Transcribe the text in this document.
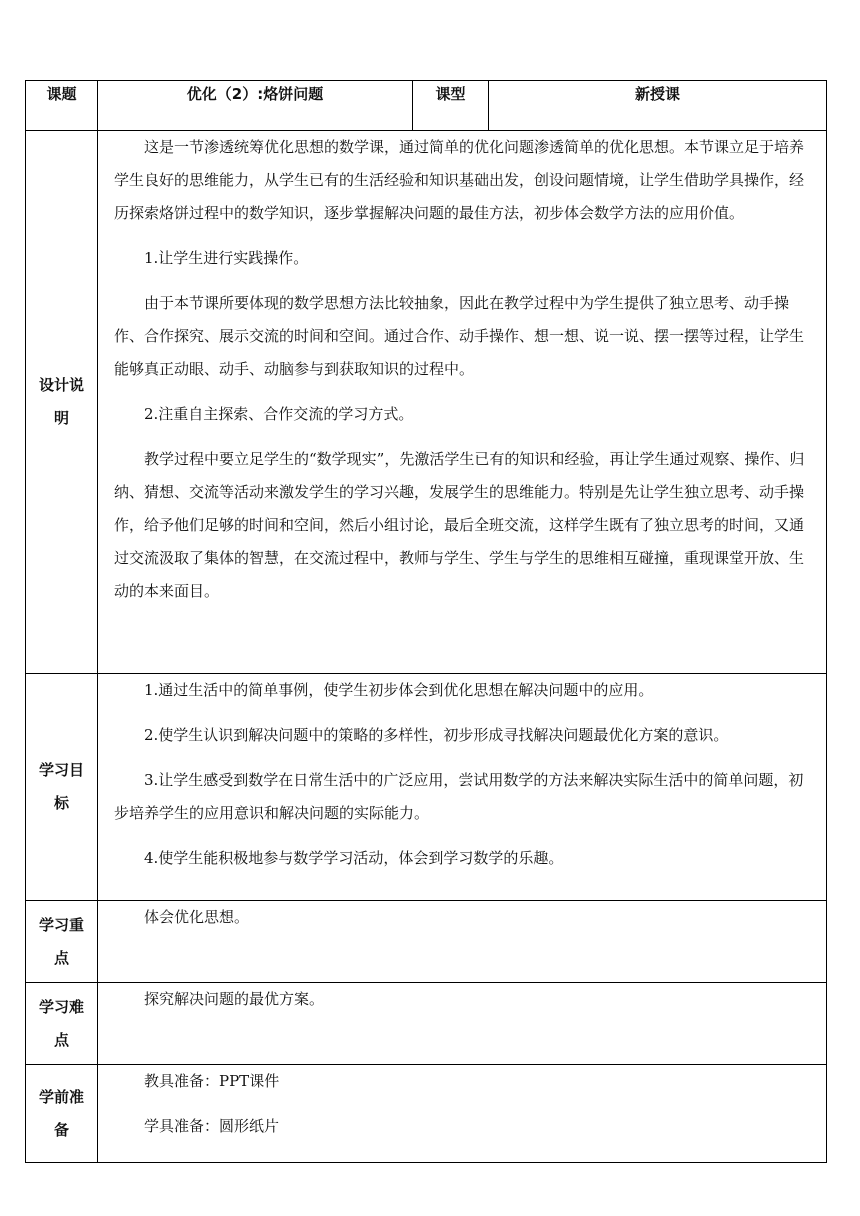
课题	优化（2）:烙饼问题	课型	新授课

设计说明	这是一节渗透统筹优化思想的数学课，通过简单的优化问题渗透简单的优化思想。本节课立足于培养学生良好的思维能力，从学生已有的生活经验和知识基础出发，创设问题情境，让学生借助学具操作，经历探索烙饼过程中的数学知识，逐步掌握解决问题的最佳方法，初步体会数学方法的应用价值。

1.让学生进行实践操作。

由于本节课所要体现的数学思想方法比较抽象，因此在教学过程中为学生提供了独立思考、动手操作、合作探究、展示交流的时间和空间。通过合作、动手操作、想一想、说一说、摆一摆等过程，让学生能够真正动眼、动手、动脑参与到获取知识的过程中。

2.注重自主探索、合作交流的学习方式。

教学过程中要立足学生的“数学现实”，先激活学生已有的知识和经验，再让学生通过观察、操作、归纳、猜想、交流等活动来激发学生的学习兴趣，发展学生的思维能力。特别是先让学生独立思考、动手操作，给予他们足够的时间和空间，然后小组讨论，最后全班交流，这样学生既有了独立思考的时间，又通过交流汲取了集体的智慧，在交流过程中，教师与学生、学生与学生的思维相互碰撞，重现课堂开放、生动的本来面目。		

学习目标	1.通过生活中的简单事例，使学生初步体会到优化思想在解决问题中的应用。

2.使学生认识到解决问题中的策略的多样性，初步形成寻找解决问题最优化方案的意识。

3.让学生感受到数学在日常生活中的广泛应用，尝试用数学的方法来解决实际生活中的简单问题，初步培养学生的应用意识和解决问题的实际能力。

4.使学生能积极地参与数学学习活动，体会到学习数学的乐趣。		

学习重点	体会优化思想。		

学习难点	探究解决问题的最优方案。		

学前准备	教具准备：PPT课件

学具准备：圆形纸片		
